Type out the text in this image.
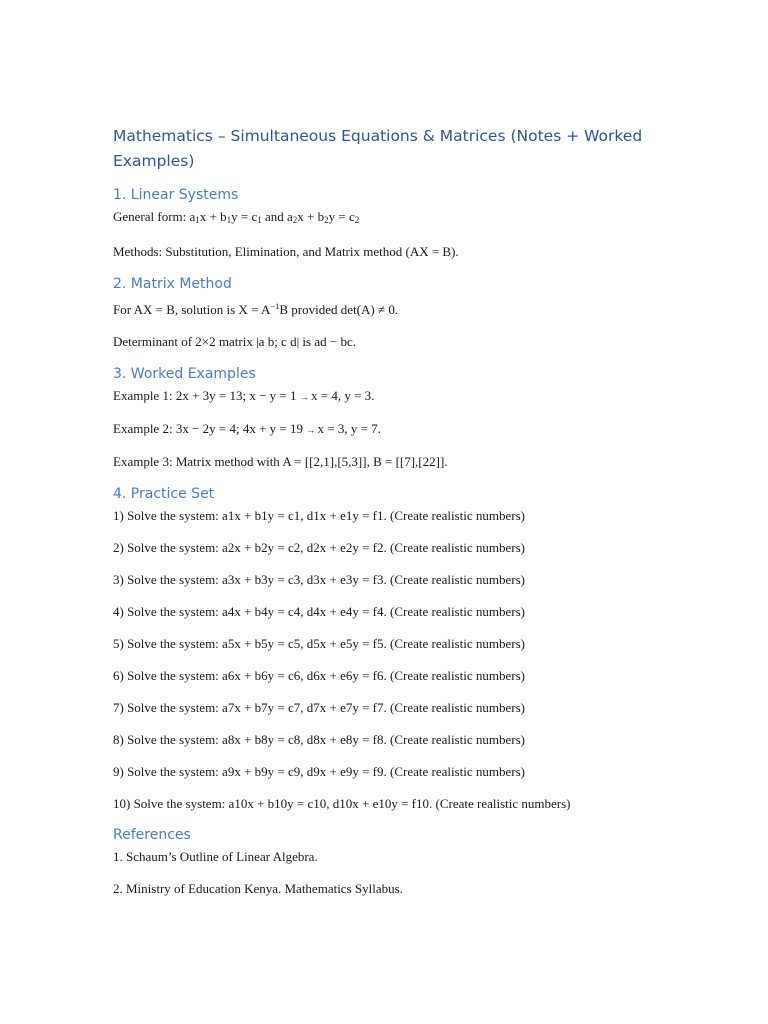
Mathematics – Simultaneous Equations & Matrices (Notes + Worked Examples)
1. Linear Systems

General form: $a_1x + b_1y = c_1$ and $a_2x + b_2y = c_2$

Methods: Substitution, Elimination, and Matrix method (AX = B).

2. Matrix Method

For AX = B, solution is $X = A^{-1}B$ provided det(A) ≠ 0.

Determinant of 2×2 matrix |a b; c d| is ad − bc.

3. Worked Examples

Example 1: 2x + 3y = 13; x − y = 1 → x = 4, y = 3.

Example 2: 3x − 2y = 4; 4x + y = 19 → x = 3, y = 7.

Example 3: Matrix method with A = [[2,1],[5,3]], B = [[7],[22]].

4. Practice Set

1) Solve the system: a1x + b1y = c1, d1x + e1y = f1. (Create realistic numbers)

2) Solve the system: a2x + b2y = c2, d2x + e2y = f2. (Create realistic numbers)

3) Solve the system: a3x + b3y = c3, d3x + e3y = f3. (Create realistic numbers)

4) Solve the system: a4x + b4y = c4, d4x + e4y = f4. (Create realistic numbers)

5) Solve the system: a5x + b5y = c5, d5x + e5y = f5. (Create realistic numbers)

6) Solve the system: a6x + b6y = c6, d6x + e6y = f6. (Create realistic numbers)

7) Solve the system: a7x + b7y = c7, d7x + e7y = f7. (Create realistic numbers)

8) Solve the system: a8x + b8y = c8, d8x + e8y = f8. (Create realistic numbers)

9) Solve the system: a9x + b9y = c9, d9x + e9y = f9. (Create realistic numbers)

10) Solve the system: a10x + b10y = c10, d10x + e10y = f10. (Create realistic numbers)

References

1. Schaum’s Outline of Linear Algebra.

2. Ministry of Education Kenya. Mathematics Syllabus.
